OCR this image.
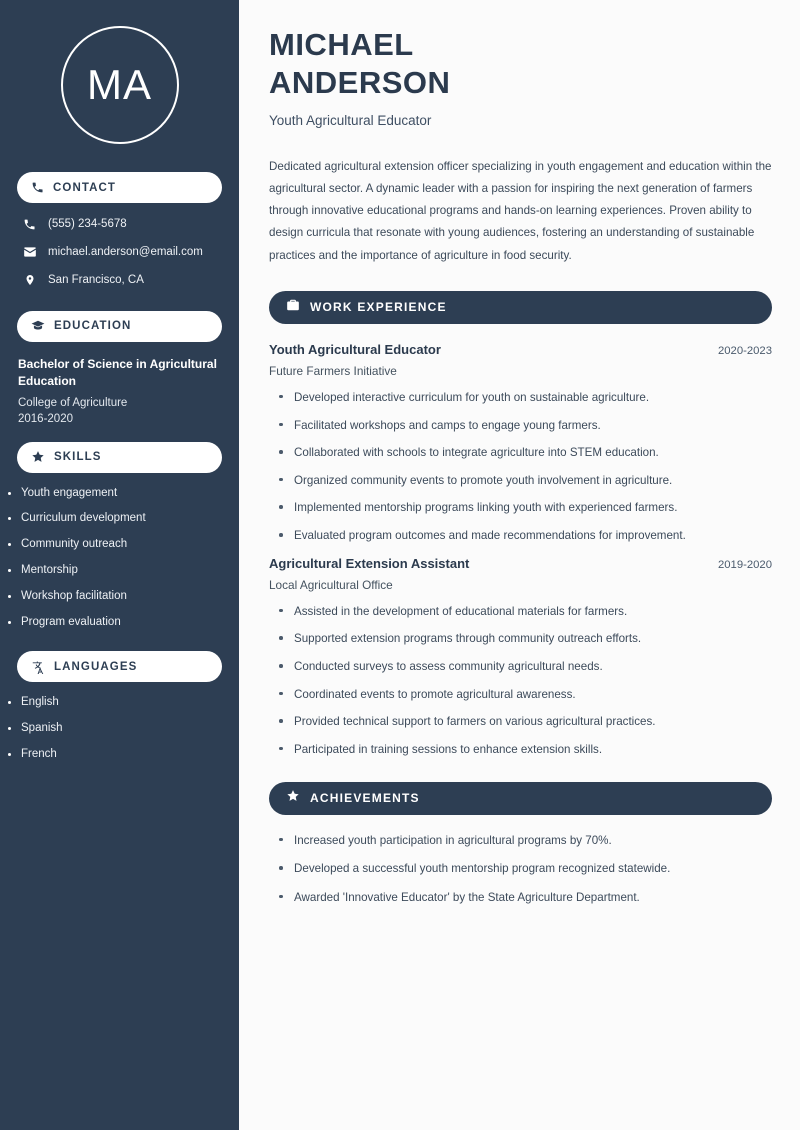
MA
CONTACT
(555) 234-5678
michael.anderson@email.com
San Francisco, CA
EDUCATION
Bachelor of Science in Agricultural Education
College of Agriculture
2016-2020
SKILLS
Youth engagement
Curriculum development
Community outreach
Mentorship
Workshop facilitation
Program evaluation
LANGUAGES
English
Spanish
French
MICHAEL
ANDERSON
Youth Agricultural Educator

Dedicated agricultural extension officer specializing in youth engagement and education within the agricultural sector. A dynamic leader with a passion for inspiring the next generation of farmers through innovative educational programs and hands-on learning experiences. Proven ability to design curricula that resonate with young audiences, fostering an understanding of sustainable practices and the importance of agriculture in food security.

WORK EXPERIENCE
Youth Agricultural Educator	2020-2023
Future Farmers Initiative
Developed interactive curriculum for youth on sustainable agriculture.
Facilitated workshops and camps to engage young farmers.
Collaborated with schools to integrate agriculture into STEM education.
Organized community events to promote youth involvement in agriculture.
Implemented mentorship programs linking youth with experienced farmers.
Evaluated program outcomes and made recommendations for improvement.
Agricultural Extension Assistant	2019-2020
Local Agricultural Office
Assisted in the development of educational materials for farmers.
Supported extension programs through community outreach efforts.
Conducted surveys to assess community agricultural needs.
Coordinated events to promote agricultural awareness.
Provided technical support to farmers on various agricultural practices.
Participated in training sessions to enhance extension skills.
ACHIEVEMENTS
Increased youth participation in agricultural programs by 70%.
Developed a successful youth mentorship program recognized statewide.
Awarded 'Innovative Educator' by the State Agriculture Department.
